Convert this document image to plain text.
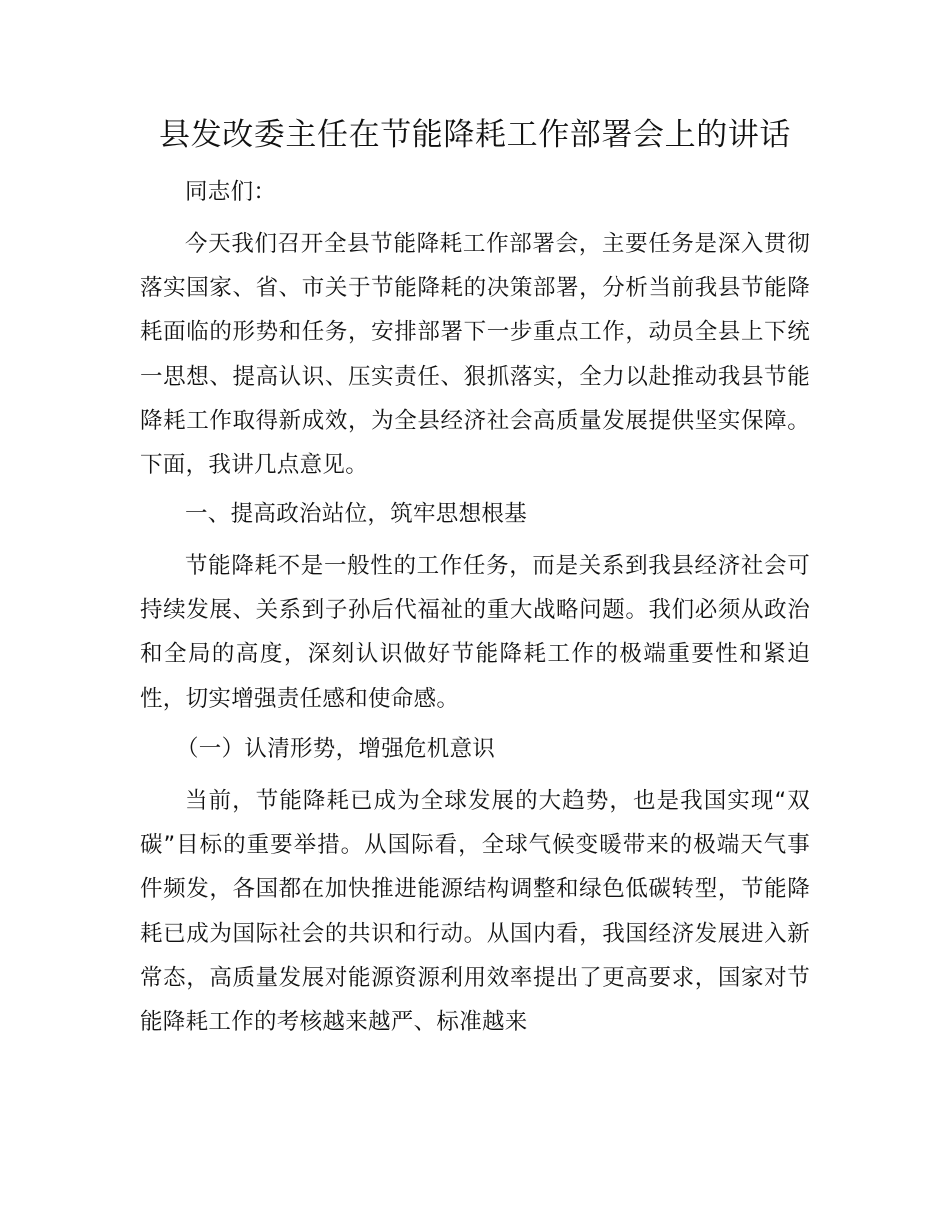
县发改委主任在节能降耗工作部署会上的讲话
同志们：
今天我们召开全县节能降耗工作部署会，主要任务是深入贯彻落实国家、省、市关于节能降耗的决策部署，分析当前我县节能降耗面临的形势和任务，安排部署下一步重点工作，动员全县上下统一思想、提高认识、压实责任、狠抓落实，全力以赴推动我县节能降耗工作取得新成效，为全县经济社会高质量发展提供坚实保障。下面，我讲几点意见。
一、提高政治站位，筑牢思想根基
节能降耗不是一般性的工作任务，而是关系到我县经济社会可持续发展、关系到子孙后代福祉的重大战略问题。我们必须从政治和全局的高度，深刻认识做好节能降耗工作的极端重要性和紧迫性，切实增强责任感和使命感。
（一）认清形势，增强危机意识
当前，节能降耗已成为全球发展的大趋势，也是我国实现“双碳”目标的重要举措。从国际看，全球气候变暖带来的极端天气事件频发，各国都在加快推进能源结构调整和绿色低碳转型，节能降耗已成为国际社会的共识和行动。从国内看，我国经济发展进入新常态，高质量发展对能源资源利用效率提出了更高要求，国家对节能降耗工作的考核越来越严、标准越来
